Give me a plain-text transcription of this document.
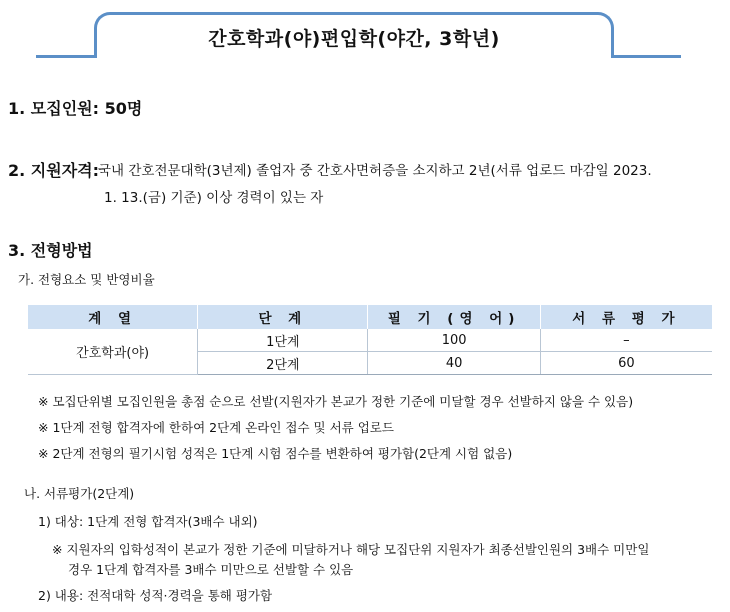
간호학과(야)편입학(야간, 3학년)
1. 모집인원: 50명
2. 지원자격:
국내 간호전문대학(3년제) 졸업자 중 간호사면허증을 소지하고 2년(서류 업로드 마감일 2023.
1. 13.(금) 기준) 이상 경력이 있는 자
3. 전형방법
가. 전형요소 및 반영비율
계 열	단 계	필 기 (영 어)	서 류 평 가
간호학과(야)	1단계	100	–
	2단계	40	60
※ 모집단위별 모집인원을 총점 순으로 선발(지원자가 본교가 정한 기준에 미달할 경우 선발하지 않을 수 있음)
※ 1단계 전형 합격자에 한하여 2단계 온라인 접수 및 서류 업로드
※ 2단계 전형의 필기시험 성적은 1단계 시험 점수를 변환하여 평가함(2단계 시험 없음)
나. 서류평가(2단계)
1) 대상: 1단계 전형 합격자(3배수 내외)
※ 지원자의 입학성적이 본교가 정한 기준에 미달하거나 해당 모집단위 지원자가 최종선발인원의 3배수 미만일
경우 1단계 합격자를 3배수 미만으로 선발할 수 있음
2) 내용: 전적대학 성적·경력을 통해 평가함
